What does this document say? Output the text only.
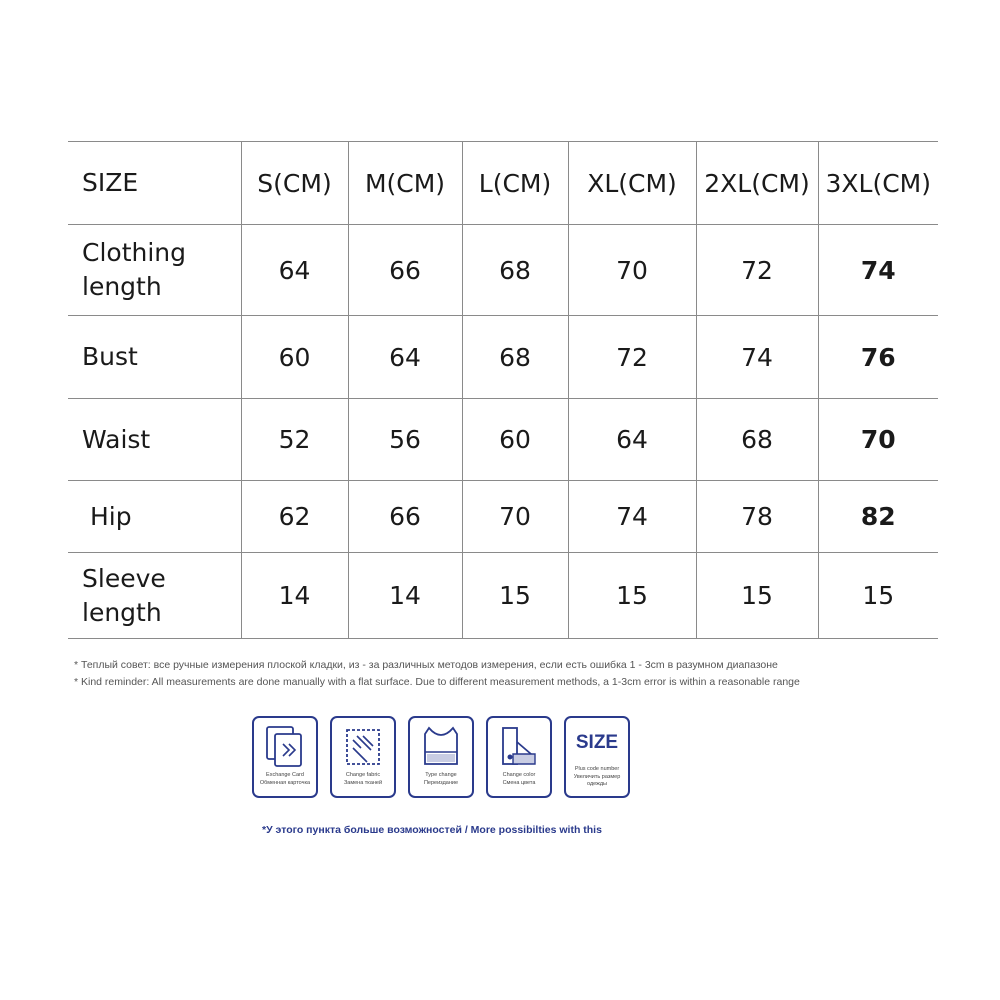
SIZE	S(CM)	M(CM)	L(CM)	XL(CM)	2XL(CM)	3XL(CM)
Clothing length	64	66	68	70	72	74
Bust	60	64	68	72	74	76
Waist	52	56	60	64	68	70
Hip	62	66	70	74	78	82
Sleeve length	14	14	15	15	15	15
* Теплый совет: все ручные измерения плоской кладки, из - за различных методов измерения, если есть ошибка 1 - 3cm в разумном диапазоне
* Kind reminder: All measurements are done manually with a flat surface. Due to different measurement methods, a 1-3cm error is within a reasonable range
Exchange Card
Обменная карточка
Change fabric
Замена тканей
Type change
Переиздание
Change color
Смена цвета
SIZE
Plus code number
Увеличить размер одежды
*У этого пункта больше возможностей / More possibilties with this
